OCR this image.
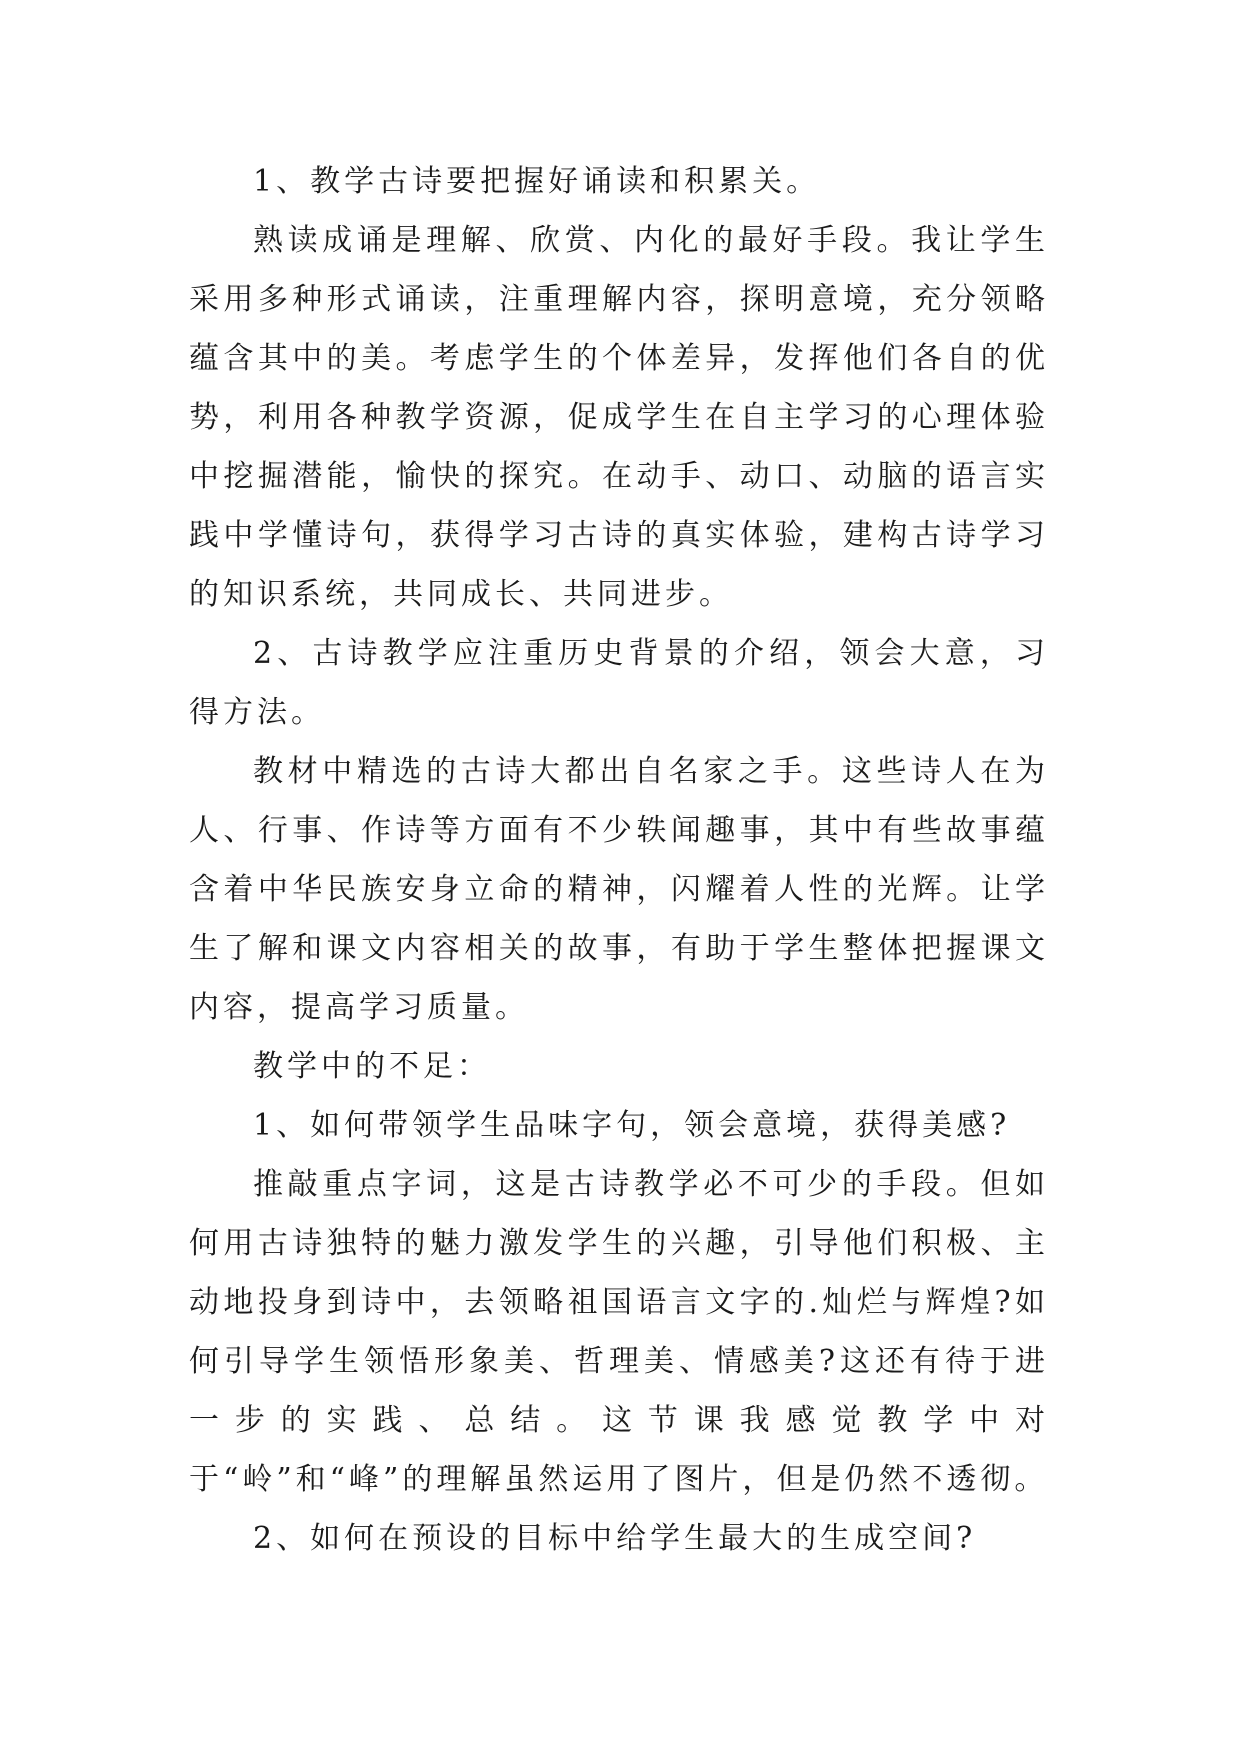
1、教学古诗要把握好诵读和积累关。

熟读成诵是理解、欣赏、内化的最好手段。我让学生采用多种形式诵读，注重理解内容，探明意境，充分领略蕴含其中的美。考虑学生的个体差异，发挥他们各自的优势，利用各种教学资源，促成学生在自主学习的心理体验中挖掘潜能，愉快的探究。在动手、动口、动脑的语言实践中学懂诗句，获得学习古诗的真实体验，建构古诗学习的知识系统，共同成长、共同进步。

2、古诗教学应注重历史背景的介绍，领会大意，习得方法。

教材中精选的古诗大都出自名家之手。这些诗人在为人、行事、作诗等方面有不少轶闻趣事，其中有些故事蕴含着中华民族安身立命的精神，闪耀着人性的光辉。让学生了解和课文内容相关的故事，有助于学生整体把握课文内容，提高学习质量。

教学中的不足：

1、如何带领学生品味字句，领会意境，获得美感?

推敲重点字词，这是古诗教学必不可少的手段。但如何用古诗独特的魅力激发学生的兴趣，引导他们积极、主动地投身到诗中，去领略祖国语言文字的.灿烂与辉煌?如何引导学生领悟形象美、哲理美、情感美?这还有待于进一步的实践、总结。这节课我感觉教学中对于“岭”和“峰”的理解虽然运用了图片，但是仍然不透彻。

2、如何在预设的目标中给学生最大的生成空间?
